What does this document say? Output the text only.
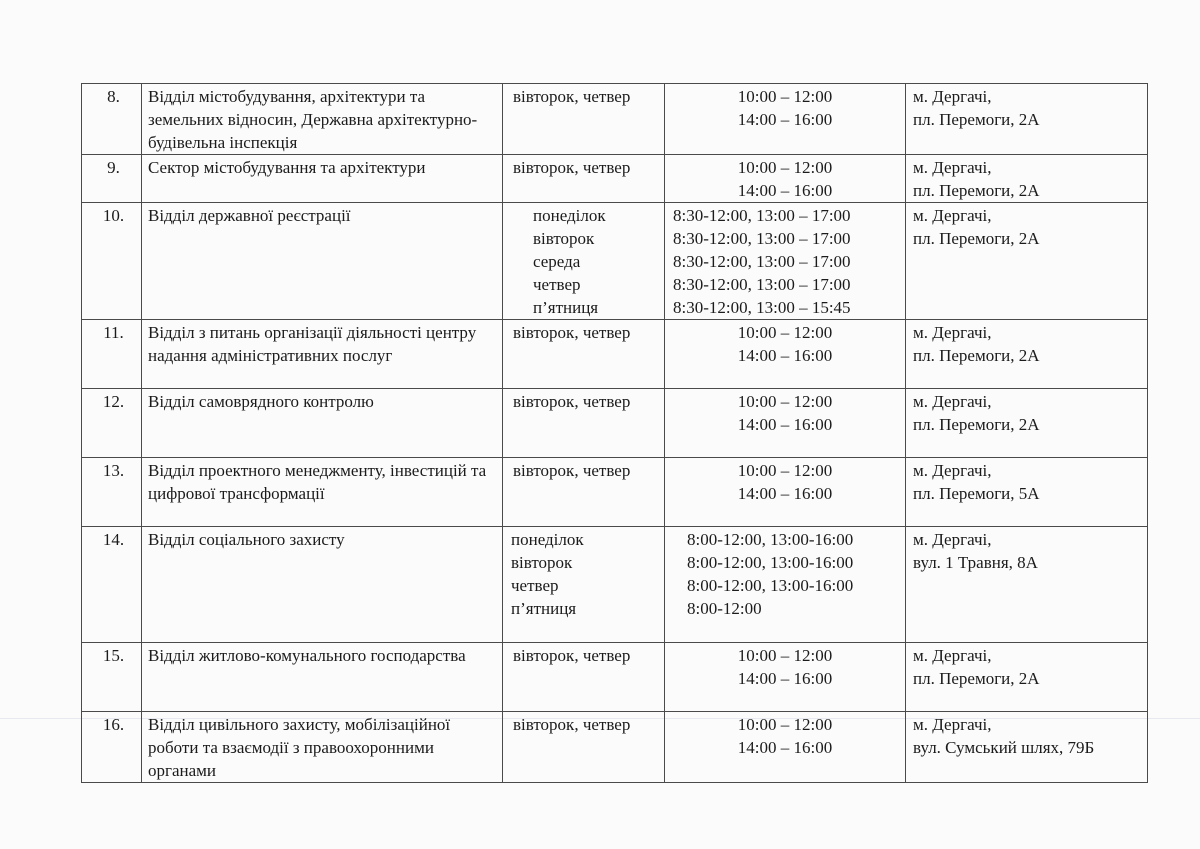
8.	Відділ містобудування, архітектури та земельних відносин, Державна архітектурно-будівельна інспекція	вівторок, четвер	10:00 – 12:00
14:00 – 16:00	м. Дергачі,
пл. Перемоги, 2А

9.	Сектор містобудування та архітектури	вівторок, четвер	10:00 – 12:00
14:00 – 16:00	м. Дергачі,
пл. Перемоги, 2А

10.	Відділ державної реєстрації	понеділок
вівторок
середа
четвер
п’ятниця	8:30-12:00, 13:00 – 17:00
8:30-12:00, 13:00 – 17:00
8:30-12:00, 13:00 – 17:00
8:30-12:00, 13:00 – 17:00
8:30-12:00, 13:00 – 15:45	м. Дергачі,
пл. Перемоги, 2А

11.	Відділ з питань організації діяльності центру надання адміністративних послуг	вівторок, четвер	10:00 – 12:00
14:00 – 16:00	м. Дергачі,
пл. Перемоги, 2А

12.	Відділ самоврядного контролю	вівторок, четвер	10:00 – 12:00
14:00 – 16:00	м. Дергачі,
пл. Перемоги, 2А

13.	Відділ проектного менеджменту, інвестицій та цифрової трансформації	вівторок, четвер	10:00 – 12:00
14:00 – 16:00	м. Дергачі,
пл. Перемоги, 5А

14.	Відділ соціального захисту	понеділок
вівторок
четвер
п’ятниця	8:00-12:00, 13:00-16:00
8:00-12:00, 13:00-16:00
8:00-12:00, 13:00-16:00
8:00-12:00	м. Дергачі,
вул. 1 Травня, 8А

15.	Відділ житлово-комунального господарства	вівторок, четвер	10:00 – 12:00
14:00 – 16:00	м. Дергачі,
пл. Перемоги, 2А

16.	Відділ цивільного захисту, мобілізаційної роботи та взаємодії з правоохоронними органами	вівторок, четвер	10:00 – 12:00
14:00 – 16:00	м. Дергачі,
вул. Сумський шлях, 79Б
